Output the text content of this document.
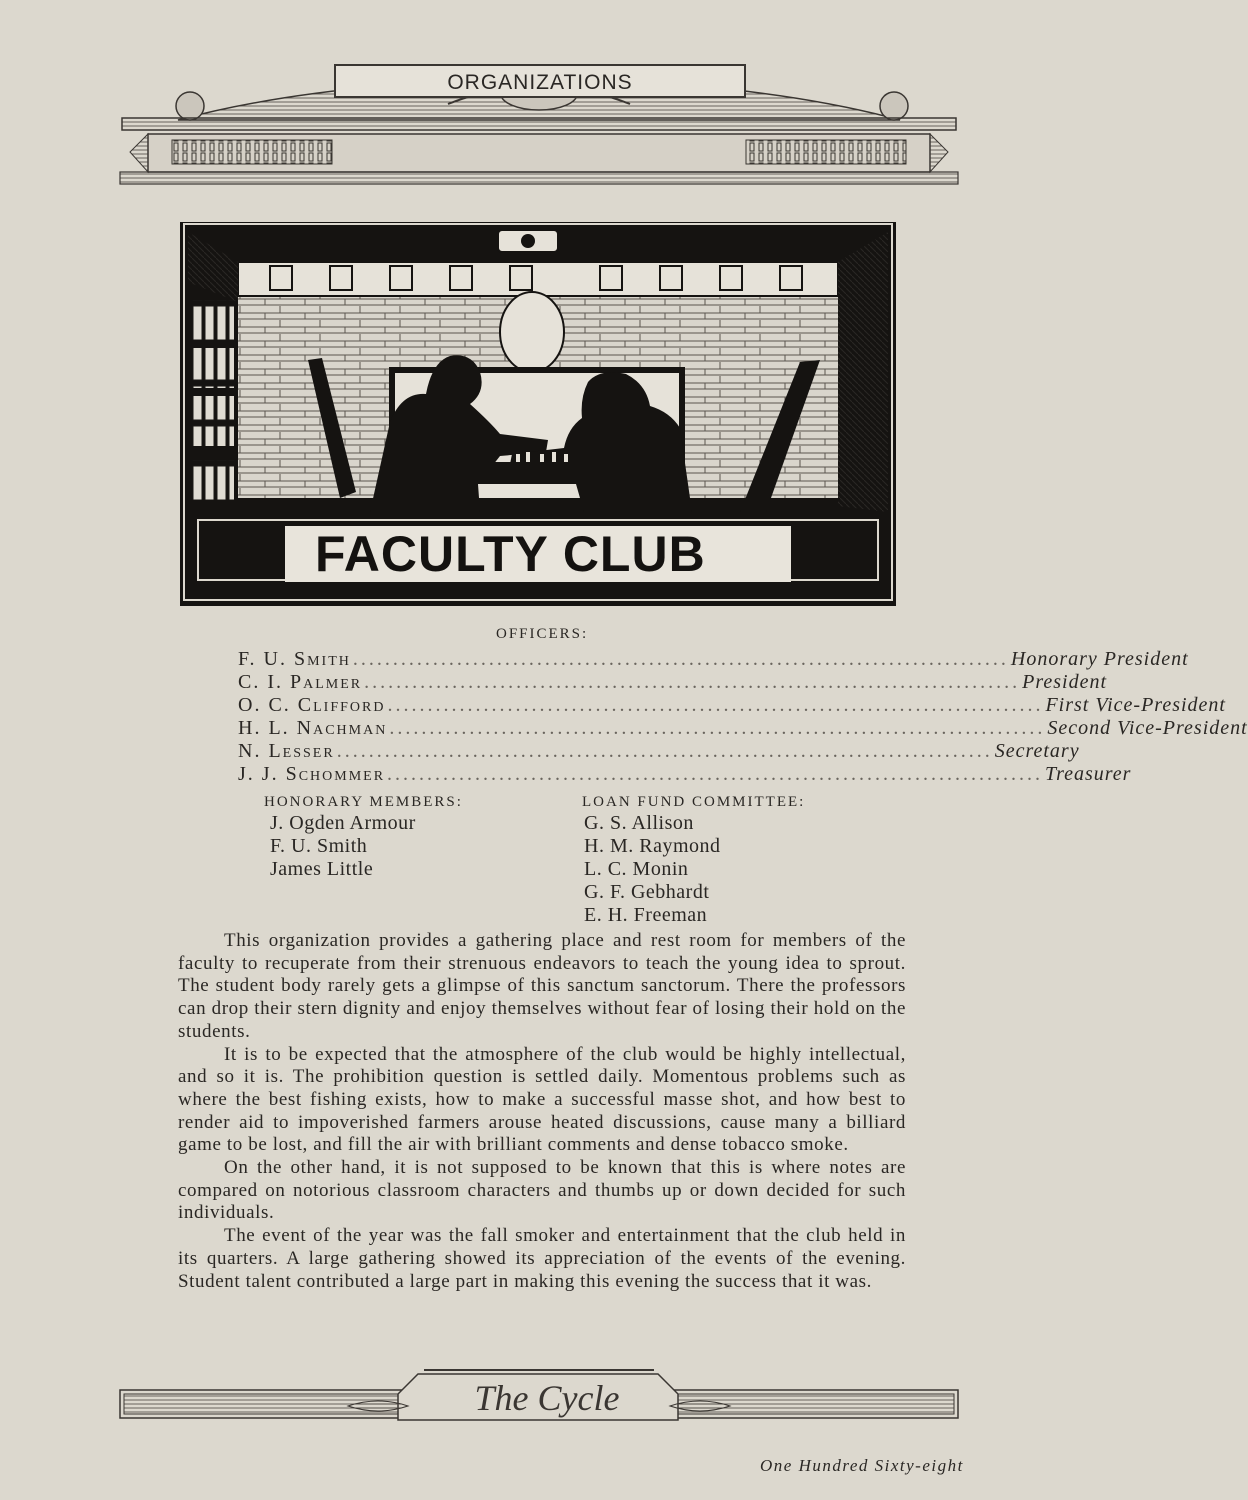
ORGANIZATIONS
FACULTY CLUB
OFFICERS:
F. U. Smith .................................................................................. Honorary President
C. I. Palmer .................................................................................. President
O. C. Clifford .................................................................................. First Vice-President
H. L. Nachman .................................................................................. Second Vice-President
N. Lesser .................................................................................. Secretary
J. J. Schommer .................................................................................. Treasurer
HONORARY MEMBERS:
J. Ogden Armour
F. U. Smith
James Little
LOAN FUND COMMITTEE:
G. S. Allison
H. M. Raymond
L. C. Monin
G. F. Gebhardt
E. H. Freeman

This organization provides a gathering place and rest room for members of the faculty to recuperate from their strenuous endeavors to teach the young idea to sprout. The student body rarely gets a glimpse of this sanctum sanctorum. There the professors can drop their stern dignity and enjoy themselves without fear of losing their hold on the students.

It is to be expected that the atmosphere of the club would be highly intellectual, and so it is. The prohibition question is settled daily. Momentous problems such as where the best fishing exists, how to make a successful masse shot, and how best to render aid to impoverished farmers arouse heated discussions, cause many a billiard game to be lost, and fill the air with brilliant comments and dense tobacco smoke.

On the other hand, it is not supposed to be known that this is where notes are compared on notorious classroom characters and thumbs up or down decided for such individuals.

The event of the year was the fall smoker and entertainment that the club held in its quarters. A large gathering showed its appreciation of the events of the evening. Student talent contributed a large part in making this evening the success that it was.

The Cycle
One Hundred Sixty-eight
